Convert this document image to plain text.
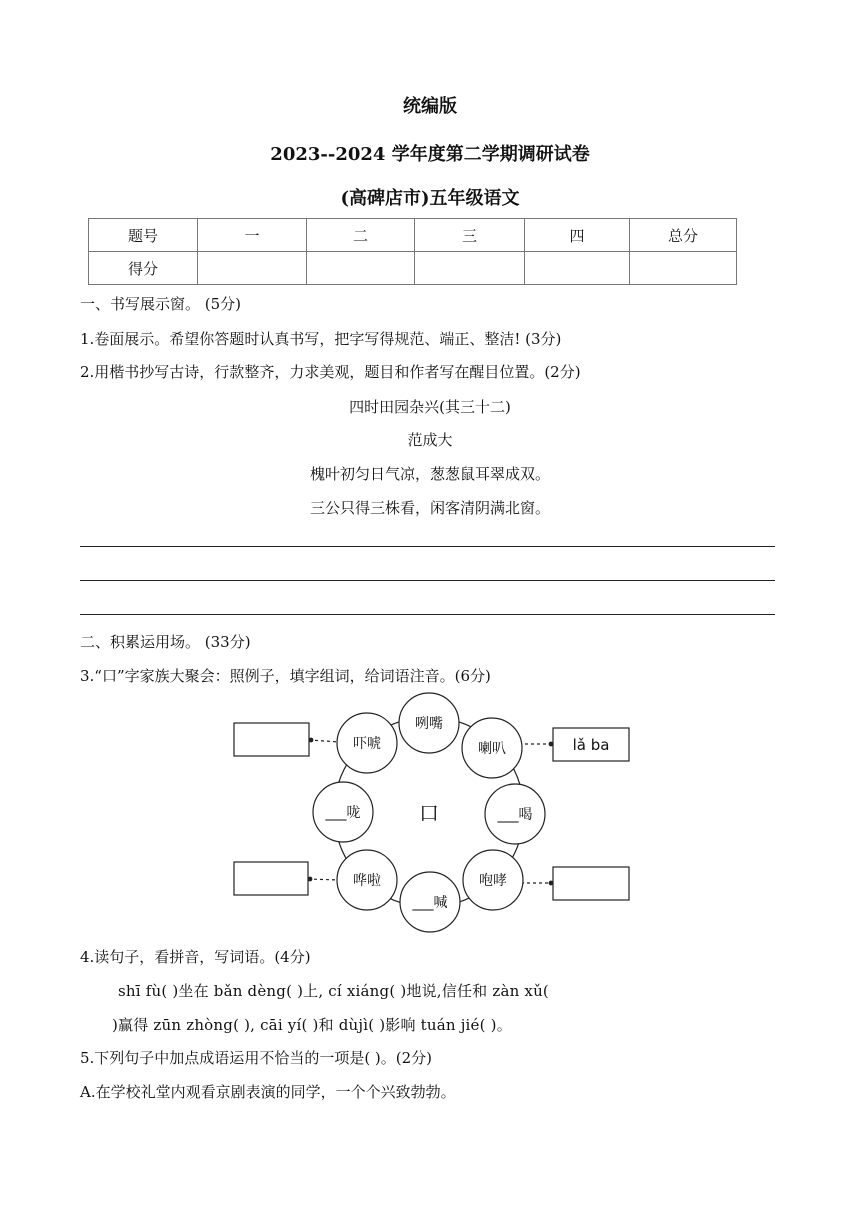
统编版
2023--2024 学年度第二学期调研试卷
(高碑店市)五年级语文
题号	一	二	三	四	总分
得分					
一、书写展示窗。 (5分)
1.卷面展示。希望你答题时认真书写，把字写得规范、端正、整洁! (3分)
2.用楷书抄写古诗，行款整齐，力求美观，题目和作者写在醒目位置。(2分)
四时田园杂兴(其三十二)
范成大
槐叶初匀日气凉，葱葱鼠耳翠成双。
三公只得三株看，闲客清阴满北窗。
二、积累运用场。 (33分)
3.“口”字家族大聚会：照例子，填字组词，给词语注音。(6分)
咧嘴
喇叭
___喝
咆哮
___喊
哗啦
___咙
吓唬
口
lǎ ba
4.读句子，看拼音，写词语。(4分)
shī fù( )坐在 bǎn dèng( )上, cí xiáng( )地说,信任和 zàn xǔ(
)赢得 zūn zhòng( ), cāi yí( )和 dùjì( )影响 tuán jié( )。
5.下列句子中加点成语运用不恰当的一项是( )。(2分)
A.在学校礼堂内观看京剧表演的同学，一个个兴致勃勃。
